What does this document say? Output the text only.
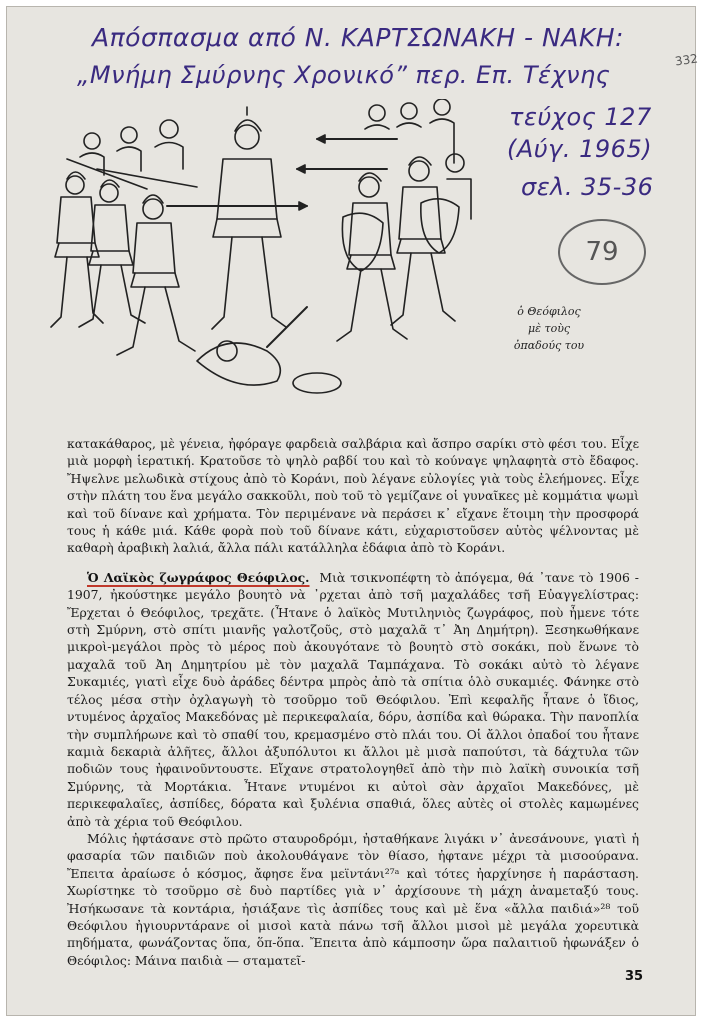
Απόσπασμα από Ν. ΚΑΡΤΣΩΝΑΚΗ - ΝΑΚΗ:
„Μνήμη Σμύρνης Χρονικό” περ. Επ. Τέχνης
τεύχος 127
(Αύγ. 1965)
σελ. 35-36
332
79
ὁ Θεόφιλος
μὲ τοὺς
ὀπαδούς του

κατακάθαρος, μὲ γένεια, ἠφόραγε φαρδειὰ σαλβάρια καὶ ἄσπρο σαρίκι στὸ φέσι του. Εἶχε μιὰ μορφὴ ἱερατική. Κρατοῦσε τὸ ψηλὸ ραβδί του καὶ τὸ κούναγε ψηλαφητὰ στὸ ἔδαφος. Ἤψελνε μελωδικὰ στίχους ἀπὸ τὸ Κοράνι, ποὺ λέγανε εὐλογίες γιὰ τοὺς ἐλεήμονες. Εἶχε στὴν πλάτη του ἕνα μεγάλο σακκοῦλι, ποὺ τοῦ τὸ γεμίζανε οἱ γυναῖκες μὲ κομμάτια ψωμὶ καὶ τοῦ δίνανε καὶ χρήματα. Τὸν περιμένανε νὰ περάσει κ᾽ εἴχανε ἕτοιμη τὴν προσφορά τους ἡ κάθε μιά. Κάθε φορὰ ποὺ τοῦ δίνανε κάτι, εὐχαριστοῦσεν αὐτὸς ψέλνοντας μὲ καθαρὴ ἀραβικὴ λαλιά, ἄλλα πάλι κατάλληλα ἐδάφια ἀπὸ τὸ Κοράνι.

Ὁ Λαϊκὸς ζωγράφος Θεόφιλος. Μιὰ τσικνοπέφτη τὸ ἀπόγεμα, θά ᾽τανε τὸ 1906 - 1907, ἠκούστηκε μεγάλο βουητὸ νὰ ᾽ρχεται ἀπὸ τσῆ μαχαλάδες τσῆ Εὐαγγελίστρας: Ἔρχεται ὁ Θεόφιλος, τρεχᾶτε. (Ἦτανε ὁ λαϊκὸς Μυτιληνιὸς ζωγράφος, ποὺ ἦμενε τότε στὴ Σμύρνη, στὸ σπίτι μιανῆς γαλοτζοῦς, στὸ μαχαλᾶ τ᾽ Ἀη Δημήτρη). Ξεσηκωθήκανε μικροὶ-μεγάλοι πρὸς τὸ μέρος ποὺ ἀκουγότανε τὸ βουητὸ στὸ σοκάκι, ποὺ ἕνωνε τὸ μαχαλᾶ τοῦ Ἀη Δημητρίου μὲ τὸν μαχαλᾶ Ταμπάχανα. Τὸ σοκάκι αὐτὸ τὸ λέγανε Συκαμιές, γιατὶ εἶχε δυὸ ἀράδες δέντρα μπρὸς ἀπὸ τὰ σπίτια ὁλὸ συκαμιές. Φάνηκε στὸ τέλος μέσα στὴν ὀχλαγωγὴ τὸ τσοῦρμο τοῦ Θεόφιλου. Ἐπὶ κεφαλῆς ἦτανε ὁ ἴδιος, ντυμένος ἀρχαῖος Μακεδόνας μὲ περικεφαλαία, δόρυ, ἀσπίδα καὶ θώρακα. Τὴν πανοπλία τὴν συμπλήρωνε καὶ τὸ σπαθί του, κρεμασμένο στὸ πλάι του. Οἱ ἄλλοι ὀπαδοί του ἦτανε καμιὰ δεκαριὰ ἀλῆτες, ἄλλοι ἀξυπόλυτοι κι ἄλλοι μὲ μισὰ παπούτσι, τὰ δάχτυλα τῶν ποδιῶν τους ἠφαινοῦντουστε. Εἴχανε στρατολογηθεῖ ἀπὸ τὴν πιὸ λαϊκὴ συνοικία τσῆ Σμύρνης, τὰ Μορτάκια. Ἦτανε ντυμένοι κι αὐτοὶ σὰν ἀρχαῖοι Μακεδόνες, μὲ περικεφαλαῖες, ἀσπίδες, δόρατα καὶ ξυλένια σπαθιά, ὅλες αὐτὲς οἱ στολὲς καμωμένες ἀπὸ τὰ χέρια τοῦ Θεόφιλου.

Μόλις ἠφτάσανε στὸ πρῶτο σταυροδρόμι, ἠσταθήκανε λιγάκι ν᾽ ἀνεσάνουνε, γιατὶ ἡ φασαρία τῶν παιδιῶν ποὺ ἀκολουθάγανε τὸν θίασο, ἠφτανε μέχρι τὰ μισοούρανα. Ἔπειτα ἀραίωσε ὁ κόσμος, ἄφησε ἕνα μεϊντάνι²⁷ᵃ καὶ τότες ἠαρχίνησε ἡ παράσταση. Χωρίστηκε τὸ τσοῦρμο σὲ δυὸ παρτίδες γιὰ ν᾽ ἀρχίσουνε τὴ μάχη ἀναμεταξύ τους. Ἠσήκωσανε τὰ κοντάρια, ἠσιάξανε τὶς ἀσπίδες τους καὶ μὲ ἕνα «ἄλλα παιδιά»²⁸ τοῦ Θεόφιλου ἠγιουρντάρανε οἱ μισοὶ κατὰ πάνω τσῆ ἄλλοι μισοὶ μὲ μεγάλα χορευτικὰ πηδήματα, φωνάζοντας ὅπα, ὅπ-ὅπα. Ἔπειτα ἀπὸ κάμποσην ὥρα παλαιτιοῦ ἠφωνάξεν ὁ Θεόφιλος: Μάινα παιδιὰ — σταματεῖ-

35
